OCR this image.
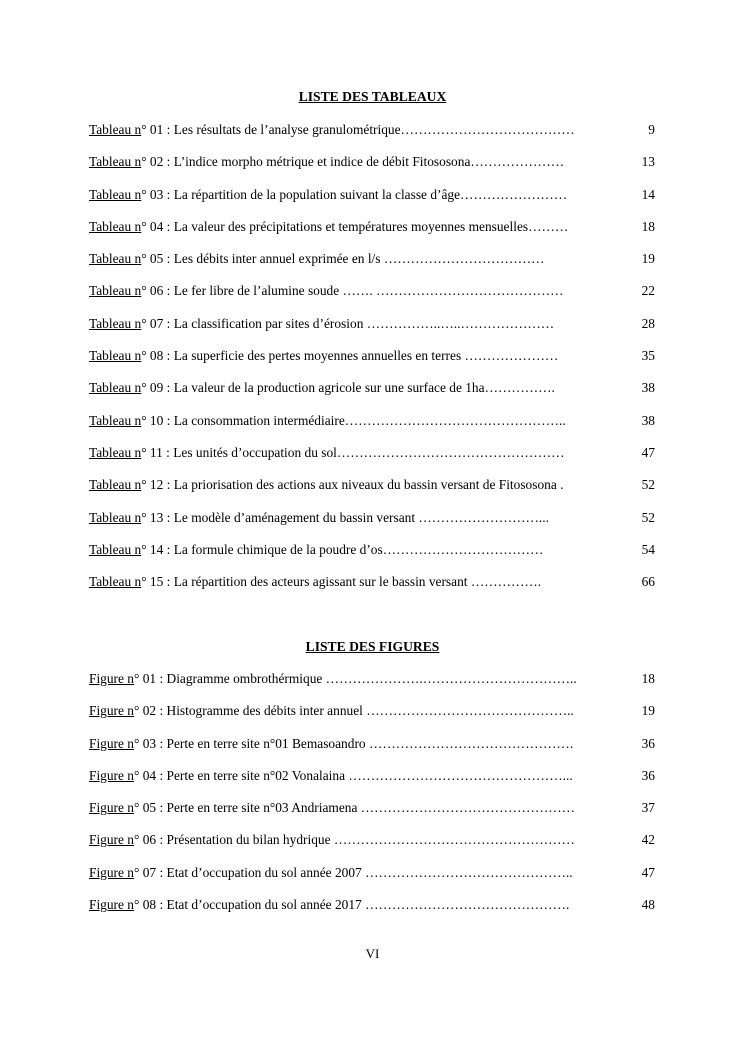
LISTE DES TABLEAUX
Tableau n° 01 : Les résultats de l’analyse granulométrique…………………………………	9
Tableau n° 02 : L’indice morpho métrique et indice de débit Fitososona…………………	13
Tableau n° 03 : La répartition de la population suivant la classe d’âge……………………	14
Tableau n° 04 : La valeur des précipitations et températures moyennes mensuelles………	18
Tableau n° 05 : Les débits inter annuel exprimée en l/s ………………………………	19
Tableau n° 06 : Le fer libre de l’alumine soude ……. ……………………………………	22
Tableau n° 07 : La classification par sites d’érosion ……………..…..…………………	28
Tableau n° 08 : La superficie des pertes moyennes annuelles en terres …………………	35
Tableau n° 09 : La valeur de la production agricole sur une surface de 1ha…………….	38
Tableau n° 10 : La consommation intermédiaire…………………………………………..	38
Tableau n° 11 : Les unités d’occupation du sol……………………………………………	47
Tableau n° 12 : La priorisation des actions aux niveaux du bassin versant de Fitososona .	52
Tableau n° 13 : Le modèle d’aménagement du bassin versant ………………………...	52
Tableau n° 14 : La formule chimique de la poudre d’os………………………………	54
Tableau n° 15 : La répartition des acteurs agissant sur le bassin versant …………….	66
LISTE DES FIGURES
Figure n° 01 : Diagramme ombrothérmique ………………….……………………………..	18
Figure n° 02 : Histogramme des débits inter annuel ………………………………………..	19
Figure n° 03 : Perte en terre site n°01 Bemasoandro ……………………………………….	36
Figure n° 04 : Perte en terre site n°02 Vonalaina …………………………………………...	36
Figure n° 05 : Perte en terre site n°03 Andriamena …………………………………………	37
Figure n° 06 : Présentation du bilan hydrique ………………………………………………	42
Figure n° 07 : Etat d’occupation du sol année 2007 ………………………………………..	47
Figure n° 08 : Etat d’occupation du sol année 2017 ……………………………………….	48
VI
